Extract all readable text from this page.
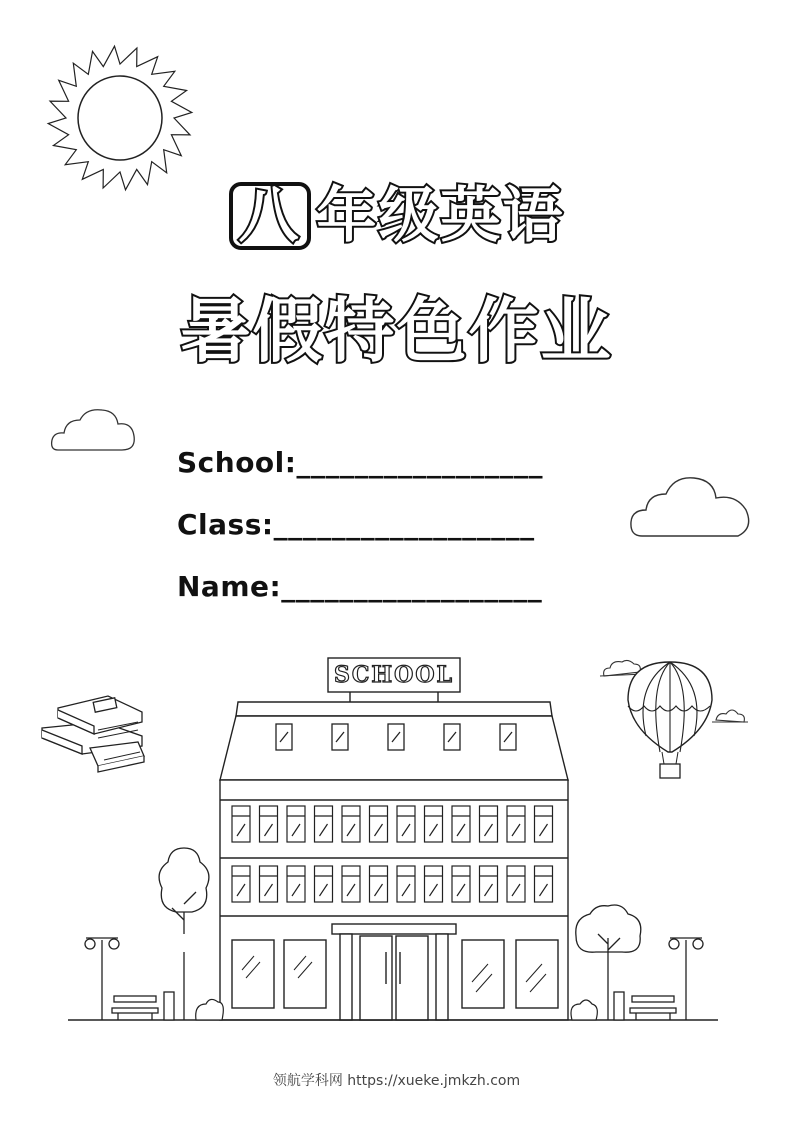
八 年级英语
暑假特色作业
School:_________________
Class:__________________
Name:__________________
SCHOOL
领航学科网 https://xueke.jmkzh.com
